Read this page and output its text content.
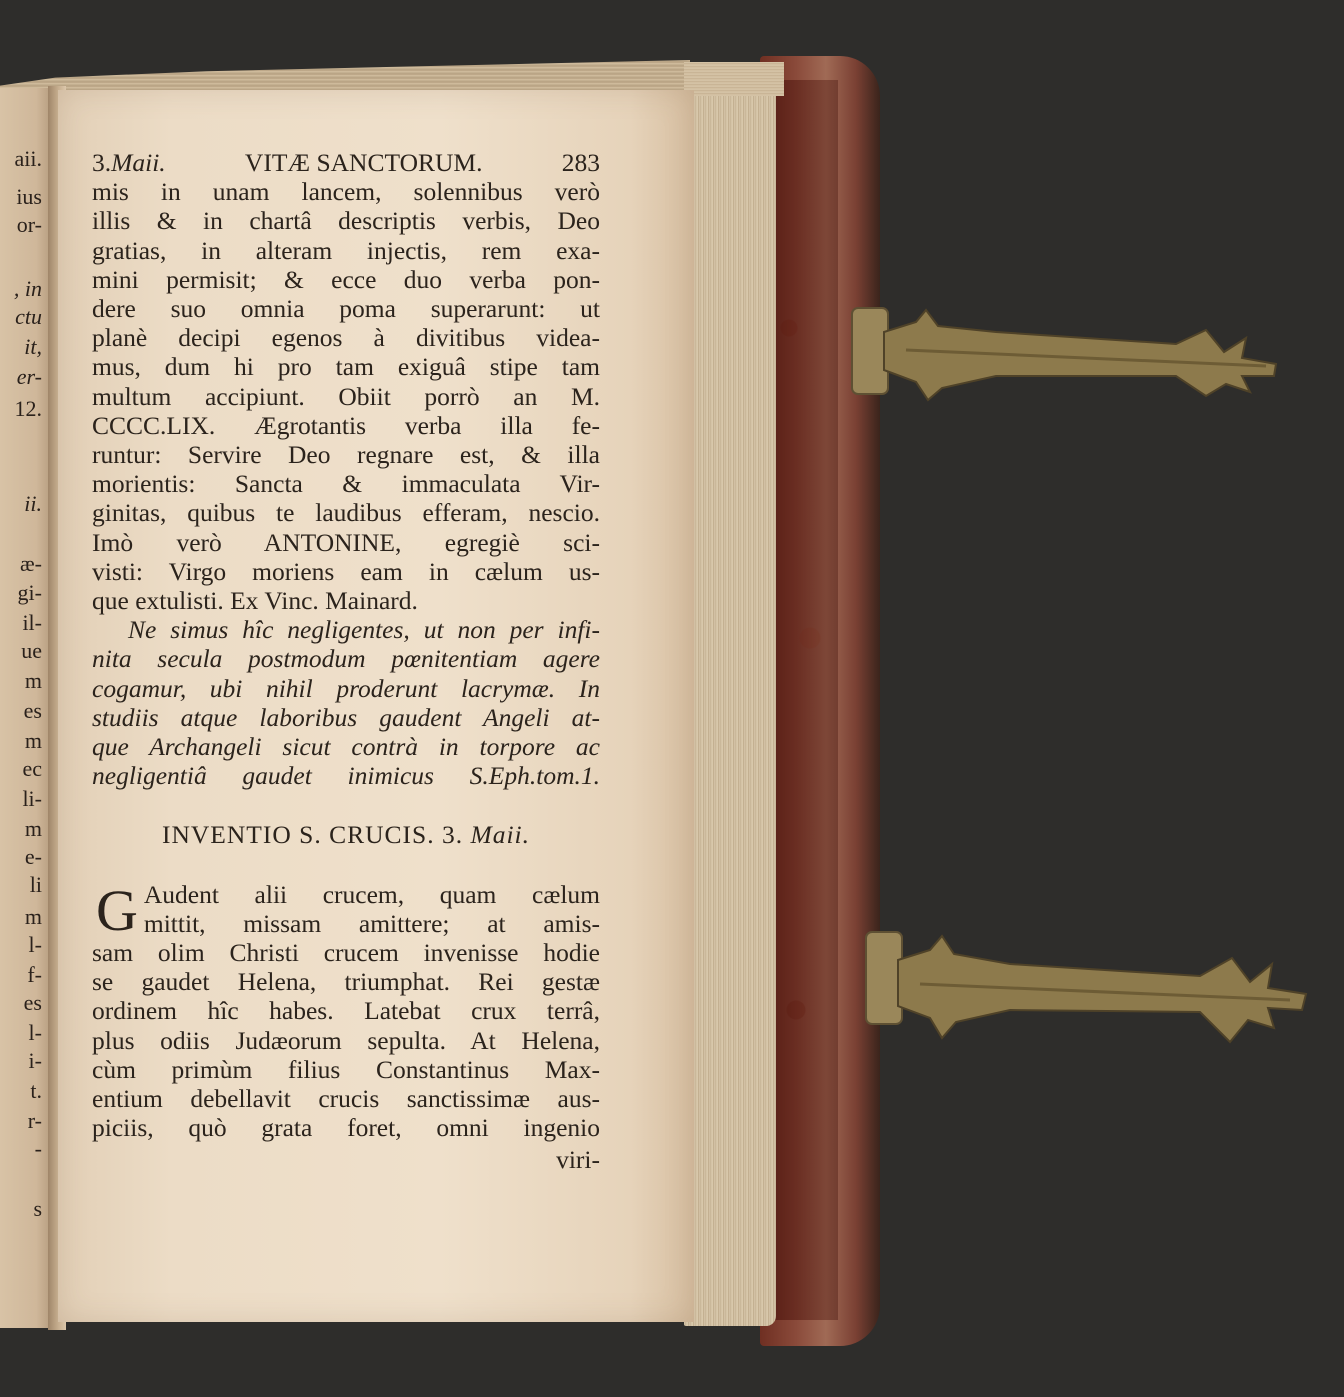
aii.
ius
or-
, in
ctu
it,
er-
12.
ii.
æ-
gi-
il-
ue
m
es
m
ec
li-
m
e-
li
m
l-
f-
es
l-
i-
t.
r-
-
s
3.Maii.	VITÆ SANCTORUM.	283
mis in unam lancem, solennibus verò
illis & in chartâ descriptis verbis, Deo
gratias, in alteram injectis, rem exa-
mini permisit; & ecce duo verba pon-
dere suo omnia poma superarunt: ut
planè decipi egenos à divitibus videa-
mus, dum hi pro tam exiguâ stipe tam
multum accipiunt. Obiit porrò an M.
CCCC.LIX. Ægrotantis verba illa fe-
runtur: Servire Deo regnare est, & illa
morientis: Sancta & immaculata Vir-
ginitas, quibus te laudibus efferam, nescio.
Imò verò ANTONINE, egregiè sci-
visti: Virgo moriens eam in cælum us-
que extulisti. Ex Vinc. Mainard.
Ne simus hîc negligentes, ut non per infi-
nita secula postmodum pœnitentiam agere
cogamur, ubi nihil proderunt lacrymæ. In
studiis atque laboribus gaudent Angeli at-
que Archangeli sicut contrà in torpore ac
negligentiâ gaudet inimicus S.Eph.tom.1.
INVENTIO S. CRUCIS. 3. Maii.
G Audent alii crucem, quam cælum
mittit, missam amittere; at amis-
sam olim Christi crucem invenisse hodie
se gaudet Helena, triumphat. Rei gestæ
ordinem hîc habes. Latebat crux terrâ,
plus odiis Judæorum sepulta. At Helena,
cùm primùm filius Constantinus Max-
entium debellavit crucis sanctissimæ aus-
piciis, quò grata foret, omni ingenio
viri-
